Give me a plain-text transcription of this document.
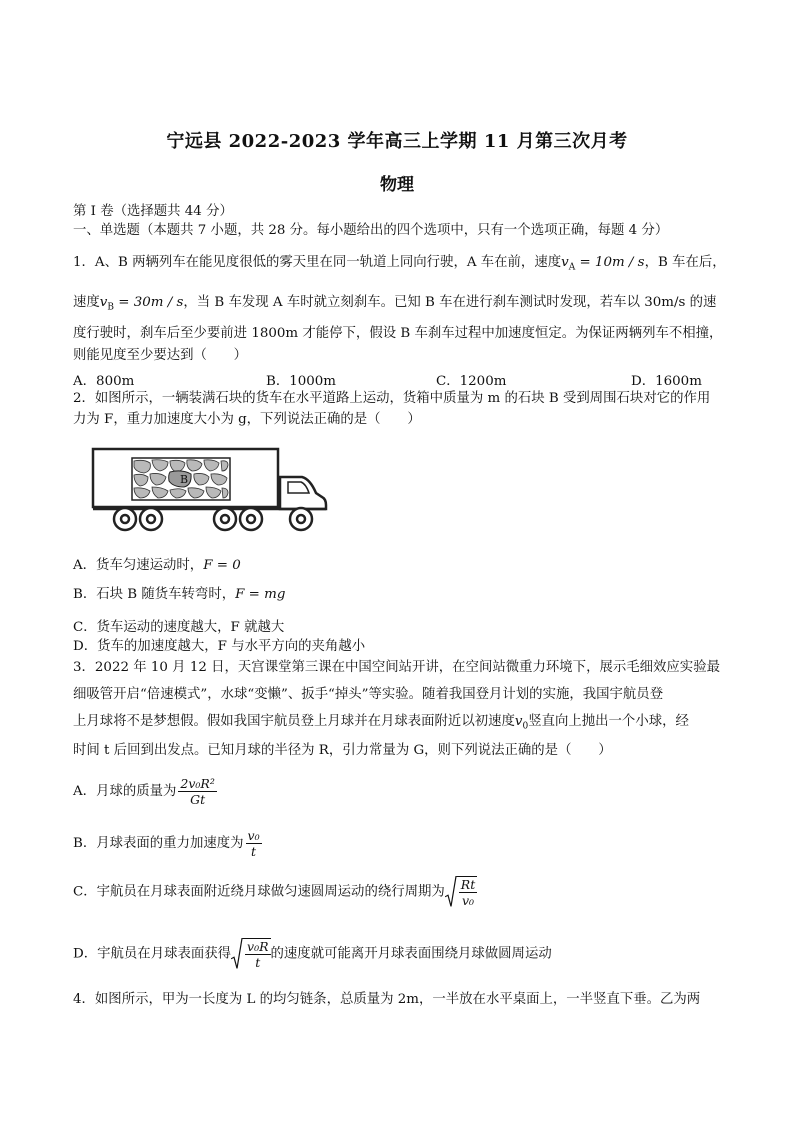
宁远县 2022-2023 学年高三上学期 11 月第三次月考
物理
第 I 卷（选择题共 44 分）
一、单选题（本题共 7 小题，共 28 分。每小题给出的四个选项中，只有一个选项正确，每题 4 分）
1．A、B 两辆列车在能见度很低的雾天里在同一轨道上同向行驶，A 车在前，速度$v_A = 10m / s$，B 车在后，
速度$v_B = 30m / s$，当 B 车发现 A 车时就立刻刹车。已知 B 车在进行刹车测试时发现，若车以 30m/s 的速
度行驶时，刹车后至少要前进 1800m 才能停下，假设 B 车刹车过程中加速度恒定。为保证两辆列车不相撞，
则能见度至少要达到（　　）
A．800m	B．1000m	C．1200m	D．1600m
2．如图所示，一辆装满石块的货车在水平道路上运动，货箱中质量为 m 的石块 B 受到周围石块对它的作用
力为 F，重力加速度大小为 g，下列说法正确的是（　　）
B
A．货车匀速运动时，F = 0
B．石块 B 随货车转弯时，F = mg
C．货车运动的速度越大，F 就越大
D．货车的加速度越大，F 与水平方向的夹角越小
3．2022 年 10 月 12 日，天宫课堂第三课在中国空间站开讲，在空间站微重力环境下，展示毛细效应实验最
细吸管开启“倍速模式”，水球“变懒”、扳手“掉头”等实验。随着我国登月计划的实施，我国宇航员登
上月球将不是梦想假。假如我国宇航员登上月球并在月球表面附近以初速度$v_0$竖直向上抛出一个小球，经
时间 t 后回到出发点。已知月球的半径为 R，引力常量为 G，则下列说法正确的是（　　）
A．月球的质量为 $\frac{\text{2v₀R²}}{Gt}$
B．月球表面的重力加速度为 $\frac{\text{v₀}}{t}$
C．宇航员在月球表面附近绕月球做匀速圆周运动的绕行周期为 $\frac{Rt}{\text{v₀}}$
D．宇航员在月球表面获得 $\frac{\text{v₀R}}{t}$ 的速度就可能离开月球表面围绕月球做圆周运动
4．如图所示，甲为一长度为 L 的均匀链条，总质量为 2m，一半放在水平桌面上，一半竖直下垂。乙为两
